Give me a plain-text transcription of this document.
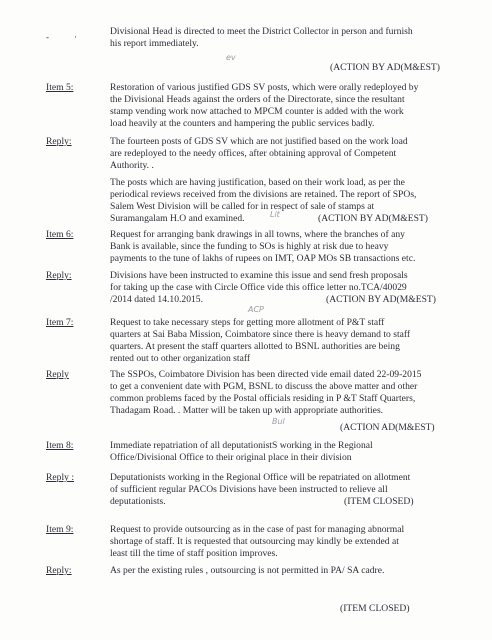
-	·	Divisional Head is directed to meet the District Collector in person and furnish
his report immediately.
ev
(ACTION BY AD(M&EST)
Item 5:	Restoration of various justified GDS SV posts, which were orally redeployed by
the Divisional Heads against the orders of the Directorate, since the resultant
stamp vending work now attached to MPCM counter is added with the work
load heavily at the counters and hampering the public services badly.
Reply:	The fourteen posts of GDS SV which are not justified based on the work load
are redeployed to the needy offices, after obtaining approval of Competent
Authority. .
The posts which are having justification, based on their work load, as per the
periodical reviews received from the divisions are retained. The report of SPOs,
Salem West Division will be called for in respect of sale of stamps at
Suramangalam H.O and examined.	Lit	(ACTION BY AD(M&EST)
Item 6:	Request for arranging bank drawings in all towns, where the branches of any
Bank is available, since the funding to SOs is highly at risk due to heavy
payments to the tune of lakhs of rupees on IMT, OAP MOs SB transactions etc.
Reply:	Divisions have been instructed to examine this issue and send fresh proposals
for taking up the case with Circle Office vide this office letter no.TCA/40029
/2014 dated 14.10.2015.	(ACTION BY AD(M&EST)
ACP
Item 7:	Request to take necessary steps for getting more allotment of P&T staff
quarters at Sai Baba Mission, Coimbatore since there is heavy demand to staff
quarters. At present the staff quarters allotted to BSNL authorities are being
rented out to other organization staff
Reply	The SSPOs, Coimbatore Division has been directed vide email dated 22-09-2015
to get a convenient date with PGM, BSNL to discuss the above matter and other
common problems faced by the Postal officials residing in P &T Staff Quarters,
Thadagam Road. . Matter will be taken up with appropriate authorities.
Bul
(ACTION AD(M&EST)
Item 8:	Immediate repatriation of all deputationistS working in the Regional
Office/Divisional Office to their original place in their division
Reply :	Deputationists working in the Regional Office will be repatriated on allotment
of sufficient regular PACOs Divisions have been instructed to relieve all
deputationists.	(ITEM CLOSED)
Item 9:	Request to provide outsourcing as in the case of past for managing abnormal
shortage of staff. It is requested that outsourcing may kindly be extended at
least till the time of staff position improves.
Reply:	As per the existing rules , outsourcing is not permitted in PA/ SA cadre.
(ITEM CLOSED)
